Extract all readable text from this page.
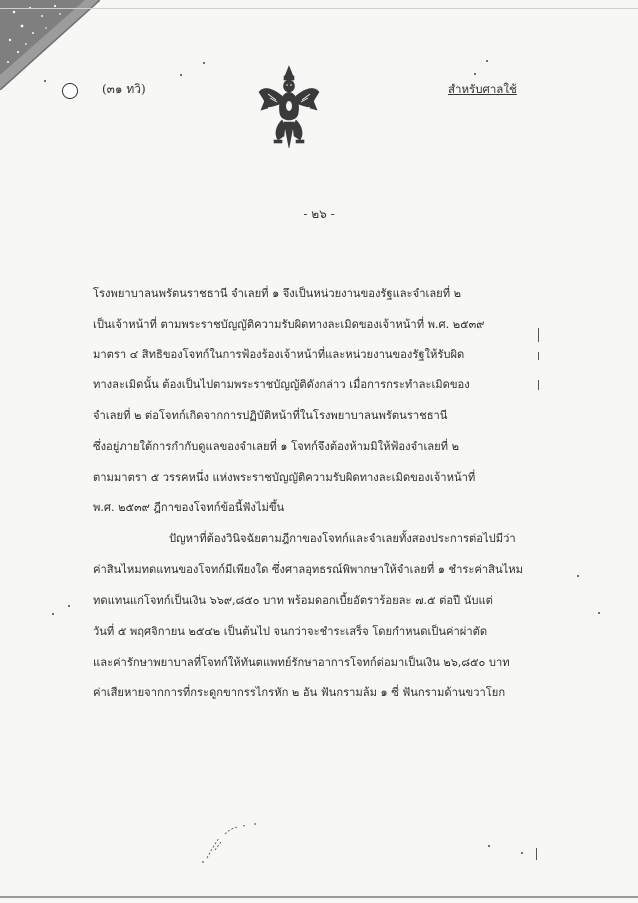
(๓๑ ทวิ)	สำหรับศาลใช้
- ๒๖ -
โรงพยาบาลนพรัตนราชธานี จำเลยที่ ๑ จึงเป็นหน่วยงานของรัฐและจำเลยที่ ๒
เป็นเจ้าหน้าที่ ตามพระราชบัญญัติความรับผิดทางละเมิดของเจ้าหน้าที่ พ.ศ. ๒๕๓๙
มาตรา ๔ สิทธิของโจทก์ในการฟ้องร้องเจ้าหน้าที่และหน่วยงานของรัฐให้รับผิด
ทางละเมิดนั้น ต้องเป็นไปตามพระราชบัญญัติดังกล่าว เมื่อการกระทำละเมิดของ
จำเลยที่ ๒ ต่อโจทก์เกิดจากการปฏิบัติหน้าที่ในโรงพยาบาลนพรัตนราชธานี
ซึ่งอยู่ภายใต้การกำกับดูแลของจำเลยที่ ๑ โจทก์จึงต้องห้ามมิให้ฟ้องจำเลยที่ ๒
ตามมาตรา ๕ วรรคหนึ่ง แห่งพระราชบัญญัติความรับผิดทางละเมิดของเจ้าหน้าที่
พ.ศ. ๒๕๓๙ ฎีกาของโจทก์ข้อนี้ฟังไม่ขึ้น
ปัญหาที่ต้องวินิจฉัยตามฎีกาของโจทก์และจำเลยทั้งสองประการต่อไปมีว่า
ค่าสินไหมทดแทนของโจทก์มีเพียงใด ซึ่งศาลอุทธรณ์พิพากษาให้จำเลยที่ ๑ ชำระค่าสินไหม
ทดแทนแก่โจทก์เป็นเงิน ๖๖๙,๘๕๐ บาท พร้อมดอกเบี้ยอัตราร้อยละ ๗.๕ ต่อปี นับแต่
วันที่ ๕ พฤศจิกายน ๒๕๔๒ เป็นต้นไป จนกว่าจะชำระเสร็จ โดยกำหนดเป็นค่าผ่าตัด
และค่ารักษาพยาบาลที่โจทก์ให้ทันตแพทย์รักษาอาการโจทก์ต่อมาเป็นเงิน ๒๖,๘๕๐ บาท
ค่าเสียหายจากการที่กระดูกขากรรไกรหัก ๒ อัน ฟันกรามล้ม ๑ ซี่ ฟันกรามด้านขวาโยก
